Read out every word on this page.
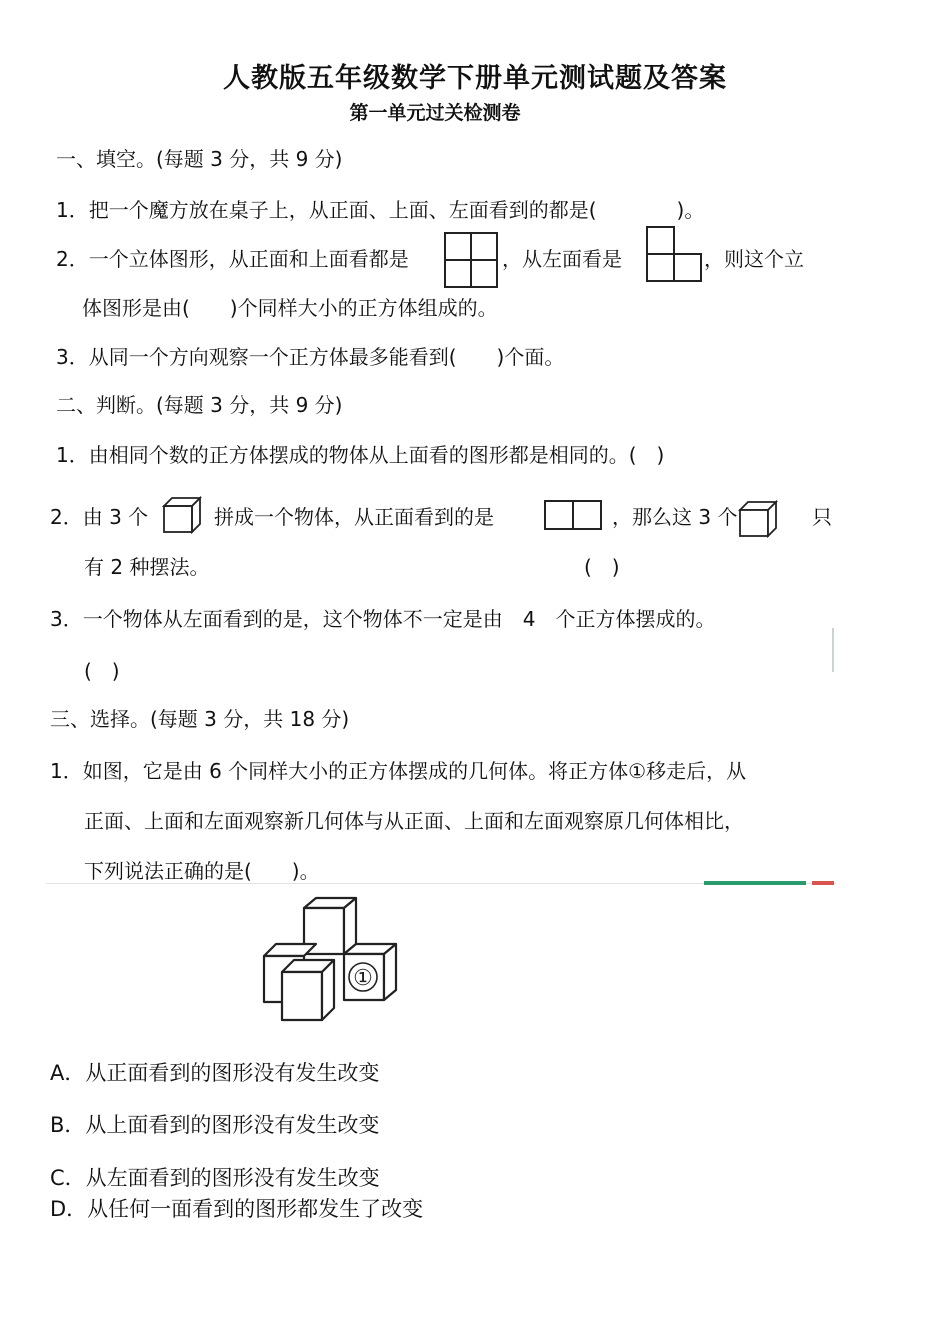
人教版五年级数学下册单元测试题及答案
第一单元过关检测卷
一、填空。(每题 3 分，共 9 分)
1．把一个魔方放在桌子上，从正面、上面、左面看到的都是(　　　　)。
2．一个立体图形，从正面和上面看都是	，从左面看是	，则这个立
体图形是由(　　)个同样大小的正方体组成的。
3．从同一个方向观察一个正方体最多能看到(　　)个面。
二、判断。(每题 3 分，共 9 分)
1．由相同个数的正方体摆成的物体从上面看的图形都是相同的。(　)
2．由 3 个	拼成一个物体，从正面看到的是	，那么这 3 个	只
有 2 种摆法。	(　)
3．一个物体从左面看到的是，这个物体不一定是由　4　个正方体摆成的。
(　)
三、选择。(每题 3 分，共 18 分)
1．如图，它是由 6 个同样大小的正方体摆成的几何体。将正方体①移走后，从
正面、上面和左面观察新几何体与从正面、上面和左面观察原几何体相比，
下列说法正确的是(　　)。
①
A．从正面看到的图形没有发生改变
B．从上面看到的图形没有发生改变
C．从左面看到的图形没有发生改变
D．从任何一面看到的图形都发生了改变
